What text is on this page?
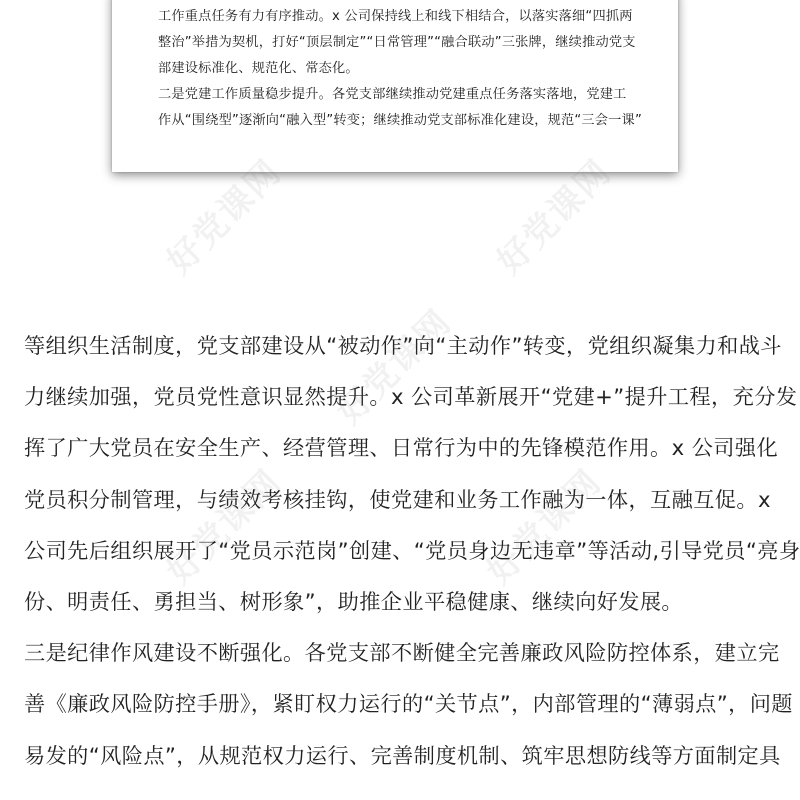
工作重点任务有力有序推动。x 公司保持线上和线下相结合，以落实落细“四抓两
整治”举措为契机，打好“顶层制定”“日常管理”“融合联动”三张牌，继续推动党支
部建设标准化、规范化、常态化。
二是党建工作质量稳步提升。各党支部继续推动党建重点任务落实落地，党建工
作从“围绕型”逐渐向“融入型”转变；继续推动党支部标准化建设，规范“三会一课”
等组织生活制度，党支部建设从“被动作”向“主动作”转变，党组织凝集力和战斗
力继续加强，党员党性意识显然提升。x 公司革新展开“党建+”提升工程，充分发
挥了广大党员在安全生产、经营管理、日常行为中的先锋模范作用。x 公司强化
党员积分制管理，与绩效考核挂钩，使党建和业务工作融为一体，互融互促。x
公司先后组织展开了“党员示范岗”创建、“党员身边无违章”等活动,引导党员“亮身
份、明责任、勇担当、树形象”，助推企业平稳健康、继续向好发展。
三是纪律作风建设不断强化。各党支部不断健全完善廉政风险防控体系，建立完
善《廉政风险防控手册》，紧盯权力运行的“关节点”，内部管理的“薄弱点”，问题
易发的“风险点”，从规范权力运行、完善制度机制、筑牢思想防线等方面制定具
好党课网	好党课网
好党课网
好党课网	好党课网
